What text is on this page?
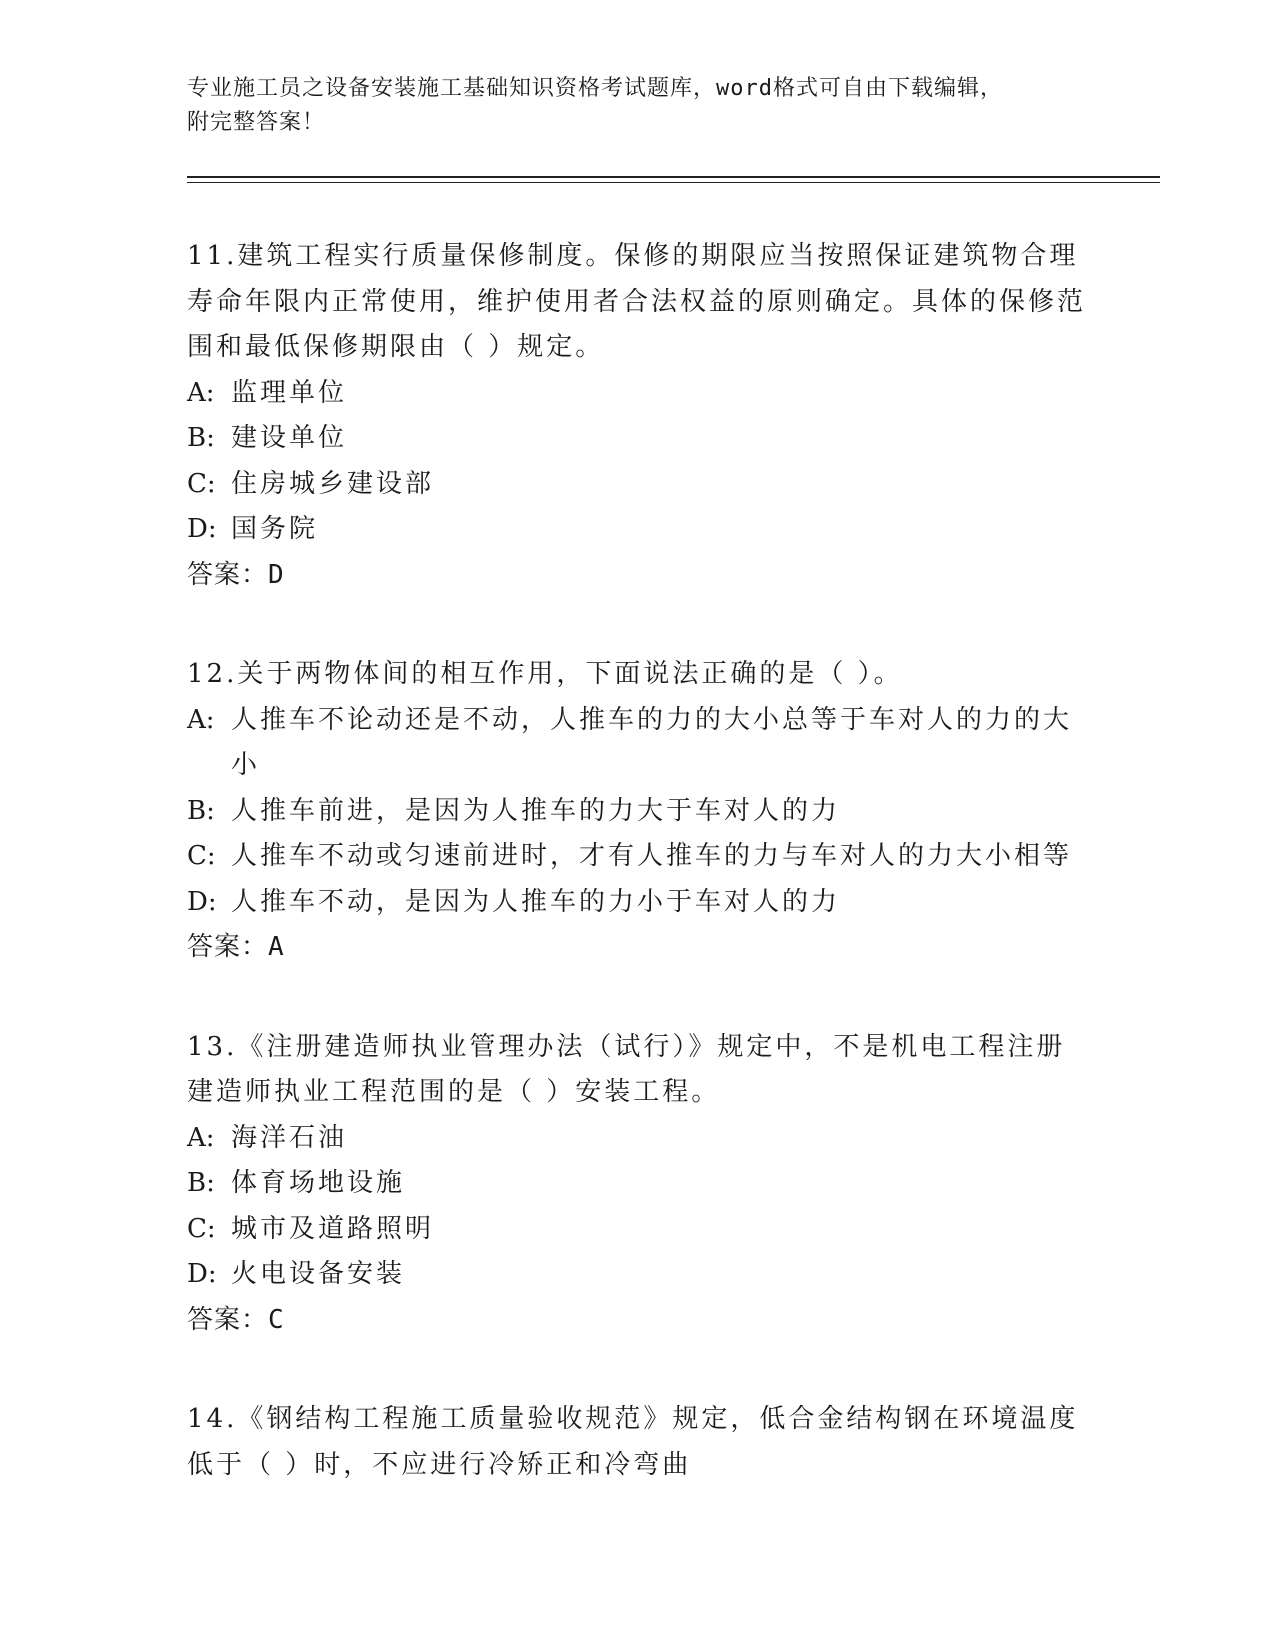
专业施工员之设备安装施工基础知识资格考试题库，word格式可自由下载编辑，
附完整答案！
11.建筑工程实行质量保修制度。保修的期限应当按照保证建筑物合理寿命年限内正常使用，维护使用者合法权益的原则确定。具体的保修范围和最低保修期限由（ ）规定。
A: 监理单位
B: 建设单位
C: 住房城乡建设部
D: 国务院
答案：D
12.关于两物体间的相互作用，下面说法正确的是（ ）。
A: 人推车不论动还是不动，人推车的力的大小总等于车对人的力的大小
B: 人推车前进，是因为人推车的力大于车对人的力
C: 人推车不动或匀速前进时，才有人推车的力与车对人的力大小相等
D: 人推车不动，是因为人推车的力小于车对人的力
答案：A
13.《注册建造师执业管理办法（试行）》规定中，不是机电工程注册建造师执业工程范围的是（ ）安装工程。
A: 海洋石油
B: 体育场地设施
C: 城市及道路照明
D: 火电设备安装
答案：C
14.《钢结构工程施工质量验收规范》规定，低合金结构钢在环境温度低于（ ）时，不应进行冷矫正和冷弯曲
